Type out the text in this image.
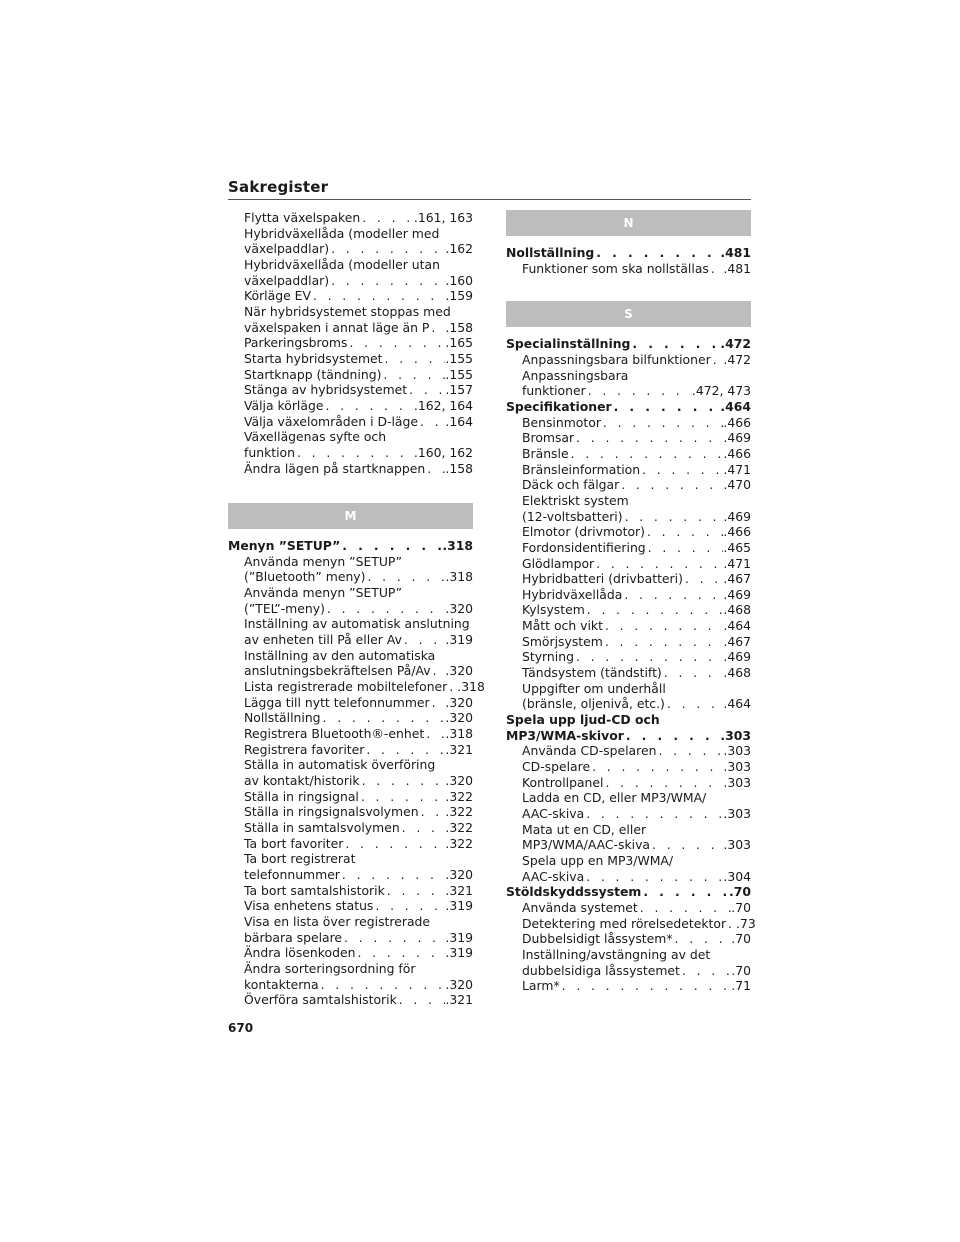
Sakregister
Flytta växelspaken . . .	.161, 163
Hybridväxellåda (modeller med
växelpaddlar) . . .	.162
Hybridväxellåda (modeller utan
växelpaddlar) . . .	.160
Körläge EV . . .	.159
När hybridsystemet stoppas med
växelspaken i annat läge än P . . . .158
Parkeringsbroms . . .	.165
Starta hybridsystemet . . .	.155
Startknapp (tändning) . . .	.155
Stänga av hybridsystemet . . .	.157
Välja körläge . . .	.162, 164
Välja växelområden i D-läge . . . .164
Växellägenas syfte och
funktion . . .	.160, 162
Ändra lägen på startknappen . . . .158
M
Menyn ”SETUP” . . .	.318
Använda menyn ”SETUP”
(”Bluetooth” meny) . . .	.318
Använda menyn ”SETUP”
(”TEL”-meny) . . .	.320
Inställning av automatisk anslutning
av enheten till På eller Av . . .	.319
Inställning av den automatiska
anslutningsbekräftelsen På/Av . . . .320
Lista registrerade mobiltelefoner . . . .318
Lägga till nytt telefonnummer . . . .320
Nollställning . . .	.320
Registrera Bluetooth®-enhet . . . .318
Registrera favoriter . . .	.321
Ställa in automatisk överföring
av kontakt/historik . . .	.320
Ställa in ringsignal . . .	.322
Ställa in ringsignalsvolymen . . . .322
Ställa in samtalsvolymen . . .	.322
Ta bort favoriter . . .	.322
Ta bort registrerat
telefonnummer . . .	.320
Ta bort samtalshistorik . . .	.321
Visa enhetens status . . .	.319
Visa en lista över registrerade
bärbara spelare . . .	.319
Ändra lösenkoden . . .	.319
Ändra sorteringsordning för
kontakterna . . .	.320
Överföra samtalshistorik . . .	.321
N
Nollställning . . .	.481
Funktioner som ska nollställas . . . .481
S
Specialinställning . . .	.472
Anpassningsbara bilfunktioner . . . .472
Anpassningsbara
funktioner . . .	.472, 473
Specifikationer . . .	.464
Bensinmotor . . .	.466
Bromsar . . .	.469
Bränsle . . .	.466
Bränsleinformation . . .	.471
Däck och fälgar . . .	.470
Elektriskt system
(12-voltsbatteri) . . .	.469
Elmotor (drivmotor) . . .	.466
Fordonsidentifiering . . .	.465
Glödlampor . . .	.471
Hybridbatteri (drivbatteri) . . .	.467
Hybridväxellåda . . .	.469
Kylsystem . . .	.468
Mått och vikt . . .	.464
Smörjsystem . . .	.467
Styrning . . .	.469
Tändsystem (tändstift) . . .	.468
Uppgifter om underhåll
(bränsle, oljenivå, etc.) . . .	.464
Spela upp ljud-CD och
MP3/WMA-skivor . . .	.303
Använda CD-spelaren . . .	.303
CD-spelare . . .	.303
Kontrollpanel . . .	.303
Ladda en CD, eller MP3/WMA/
AAC-skiva . . .	.303
Mata ut en CD, eller
MP3/WMA/AAC-skiva . . .	.303
Spela upp en MP3/WMA/
AAC-skiva . . .	.304
Stöldskyddssystem . . .	.70
Använda systemet . . .	.70
Detektering med rörelsedetektor . . . .73
Dubbelsidigt låssystem* . . .	.70
Inställning/avstängning av det
dubbelsidiga låssystemet . . .	.70
Larm* . . .	.71
670
